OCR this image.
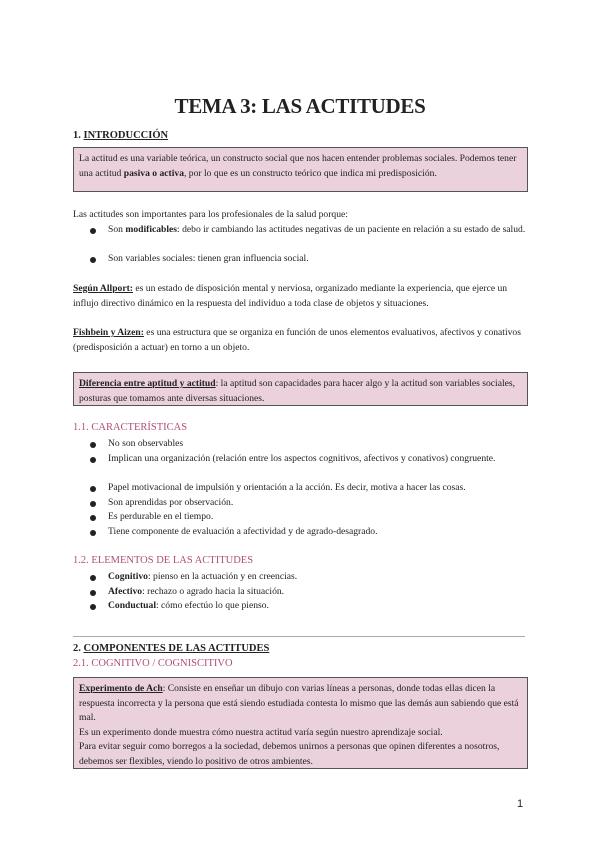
TEMA 3: LAS ACTITUDES
1. INTRODUCCIÓN
La actitud es una variable teórica, un constructo social que nos hacen entender problemas sociales. Podemos tener una actitud pasiva o activa, por lo que es un constructo teórico que indica mi predisposición.
Las actitudes son importantes para los profesionales de la salud porque:
Son modificables: debo ir cambiando las actitudes negativas de un paciente en relación a su estado de salud.
Son variables sociales: tienen gran influencia social.
Según Allport: es un estado de disposición mental y nerviosa, organizado mediante la experiencia, que ejerce un influjo directivo dinámico en la respuesta del individuo a toda clase de objetos y situaciones.
Fishbein y Aizen: es una estructura que se organiza en función de unos elementos evaluativos, afectivos y conativos (predisposición a actuar) en torno a un objeto.
Diferencia entre aptitud y actitud: la aptitud son capacidades para hacer algo y la actitud son variables sociales, posturas que tomamos ante diversas situaciones.
1.1. CARACTERÍSTICAS
No son observables
Implican una organización (relación entre los aspectos cognitivos, afectivos y conativos) congruente.
Papel motivacional de impulsión y orientación a la acción. Es decir, motiva a hacer las cosas.
Son aprendidas por observación.
Es perdurable en el tiempo.
Tiene componente de evaluación a afectividad y de agrado-desagrado.
1.2. ELEMENTOS DE LAS ACTITUDES
Cognitivo: pienso en la actuación y en creencias.
Afectivo: rechazo o agrado hacia la situación.
Conductual: cómo efectúo lo que pienso.
2. COMPONENTES DE LAS ACTITUDES
2.1. COGNITIVO / COGNISCITIVO
Experimento de Ach: Consiste en enseñar un dibujo con varias líneas a personas, donde todas ellas dicen la respuesta incorrecta y la persona que está siendo estudiada contesta lo mismo que las demás aun sabiendo que está mal.
Es un experimento donde muestra cómo nuestra actitud varía según nuestro aprendizaje social.
Para evitar seguir como borregos a la sociedad, debemos unirnos a personas que opinen diferentes a nosotros, debemos ser flexibles, viendo lo positivo de otros ambientes.
1
